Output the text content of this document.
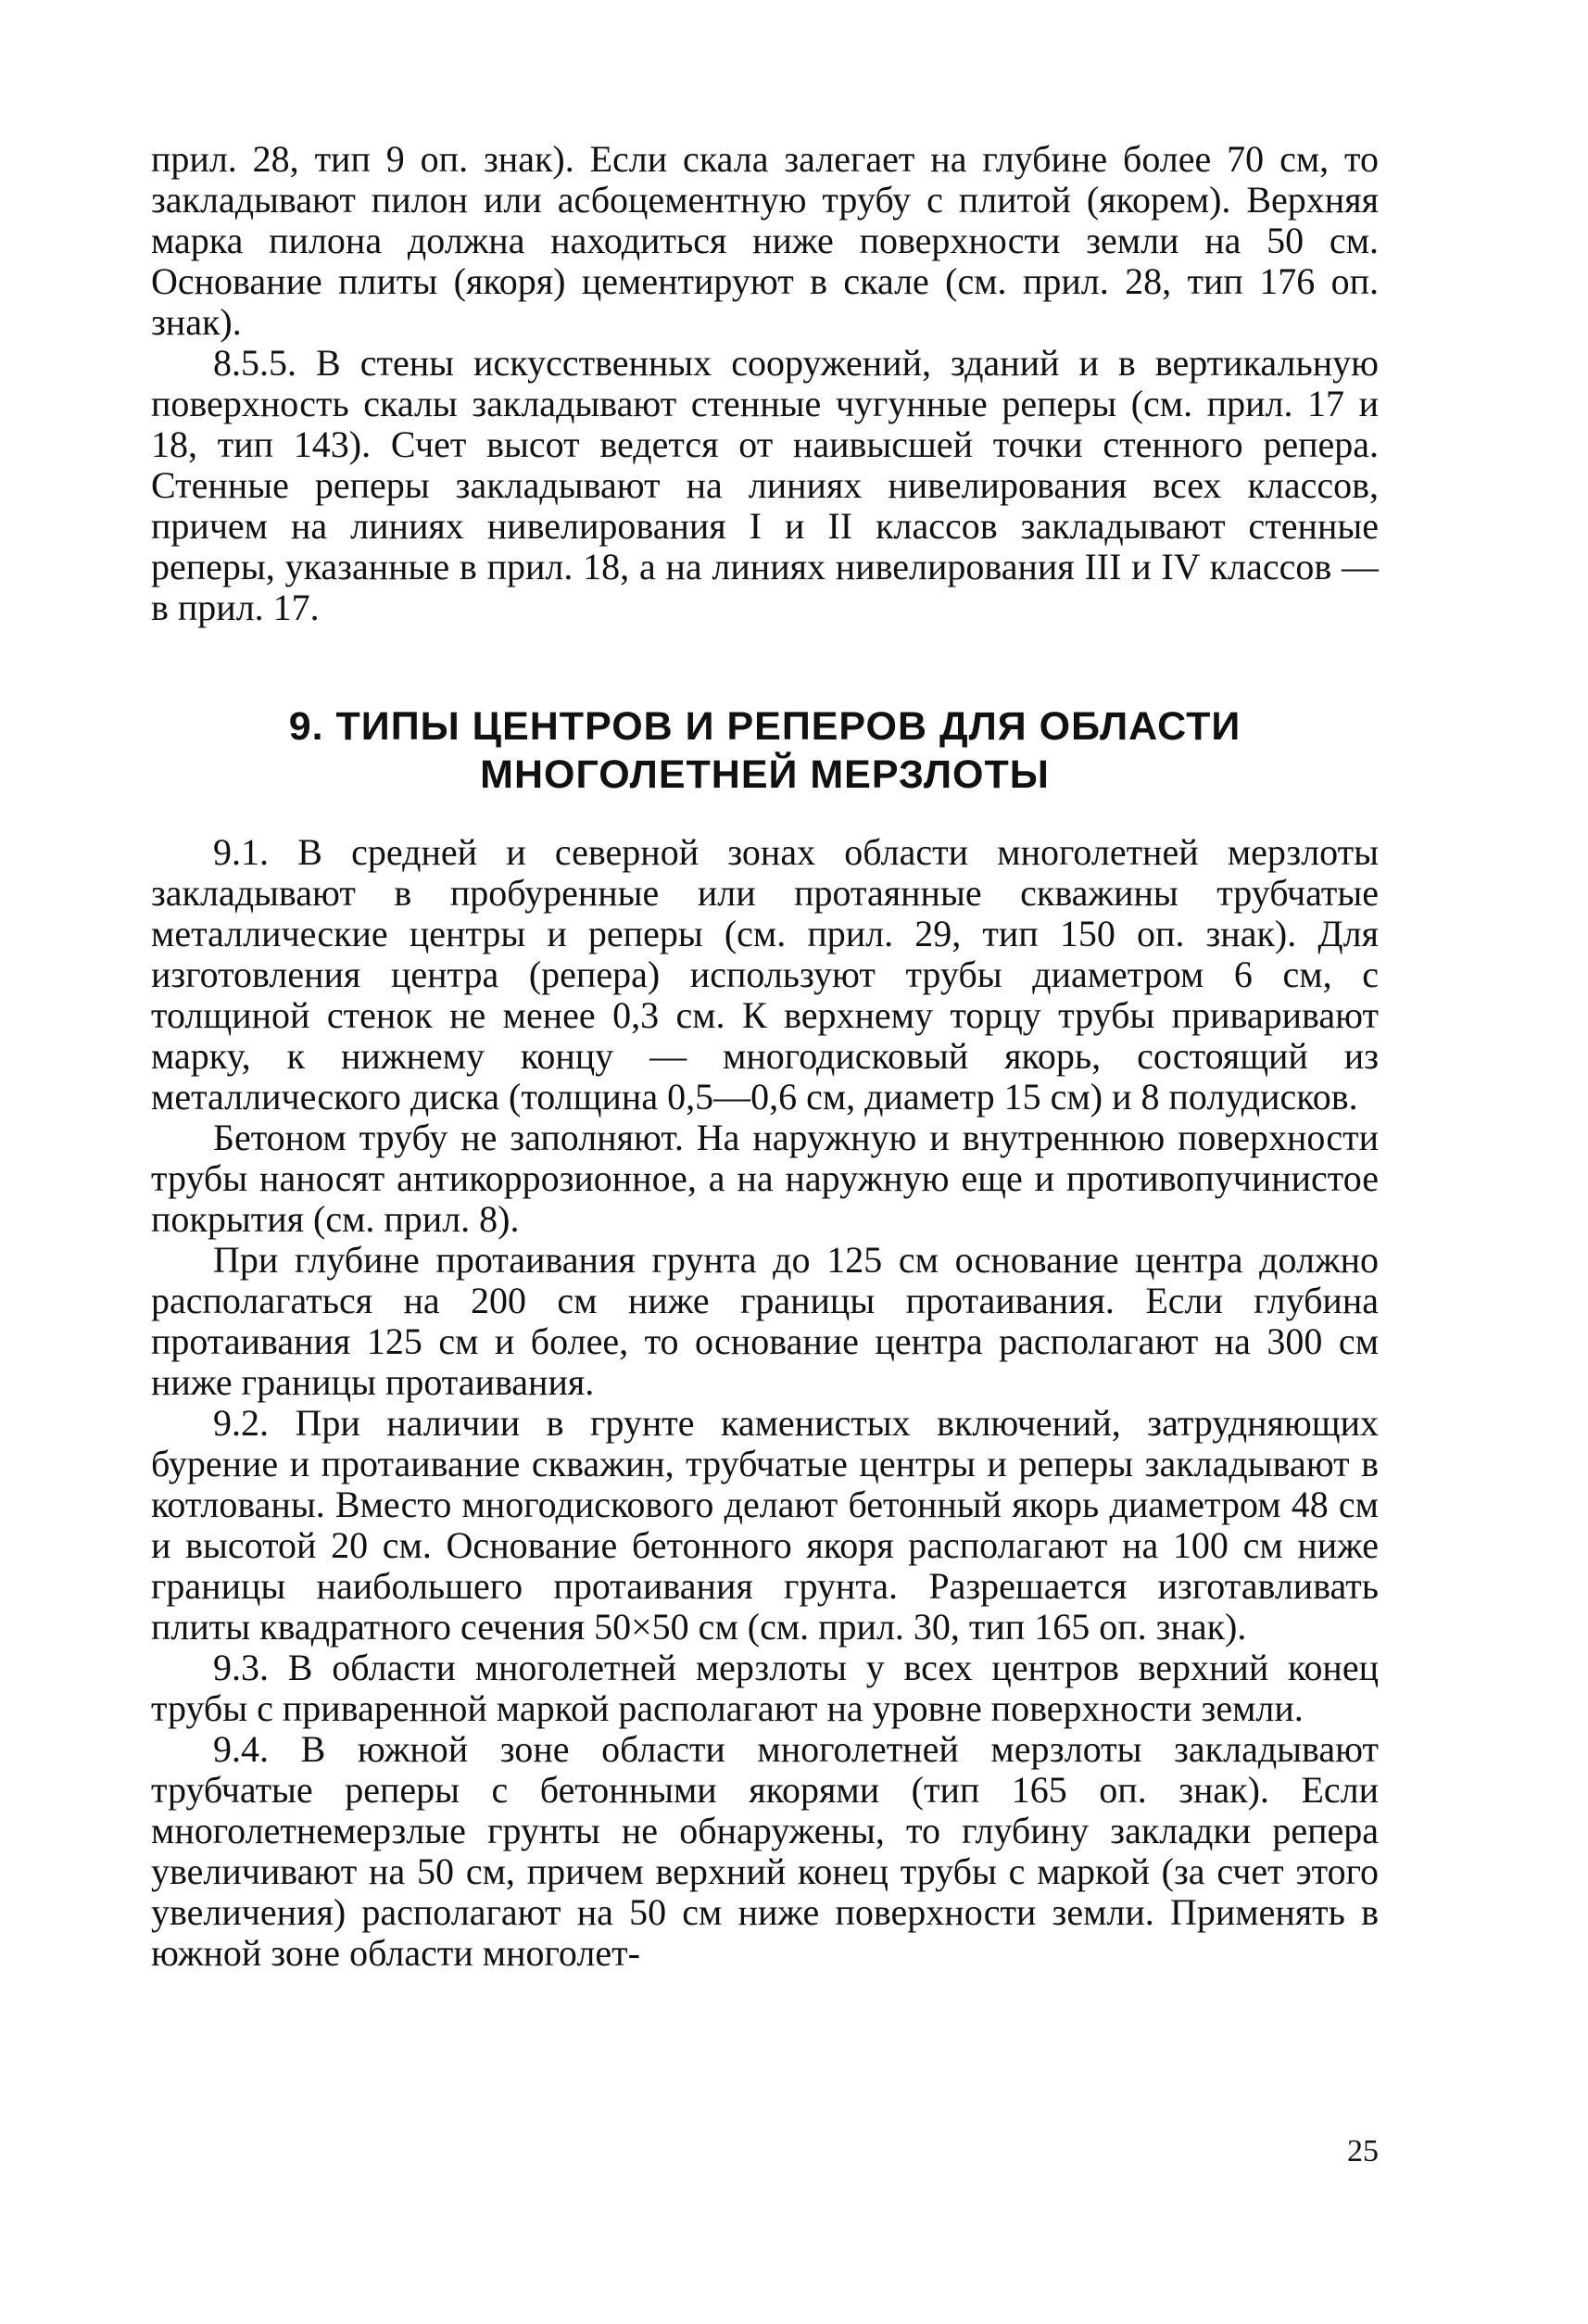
прил. 28, тип 9 оп. знак). Если скала залегает на глубине более 70 см, то закладывают пилон или асбоцементную трубу с плитой (якорем). Верхняя марка пилона должна находиться ниже поверхности земли на 50 см. Основание плиты (якоря) цементируют в скале (см. прил. 28, тип 176 оп. знак).

8.5.5. В стены искусственных сооружений, зданий и в вертикальную поверхность скалы закладывают стенные чугунные реперы (см. прил. 17 и 18, тип 143). Счет высот ведется от наивысшей точки стенного репера. Стенные реперы закладывают на линиях нивелирования всех классов, причем на линиях нивелирования I и II классов закладывают стенные реперы, указанные в прил. 18, а на линиях нивелирования III и IV классов — в прил. 17.

9. ТИПЫ ЦЕНТРОВ И РЕПЕРОВ ДЛЯ ОБЛАСТИ
МНОГОЛЕТНЕЙ МЕРЗЛОТЫ

9.1. В средней и северной зонах области многолетней мерзлоты закладывают в пробуренные или протаянные скважины трубчатые металлические центры и реперы (см. прил. 29, тип 150 оп. знак). Для изготовления центра (репера) используют трубы диаметром 6 см, с толщиной стенок не менее 0,3 см. К верхнему торцу трубы приваривают марку, к нижнему концу — многодисковый якорь, состоящий из металлического диска (толщина 0,5—0,6 см, диаметр 15 см) и 8 полудисков.

Бетоном трубу не заполняют. На наружную и внутреннюю поверхности трубы наносят антикоррозионное, а на наружную еще и противопучинистое покрытия (см. прил. 8).

При глубине протаивания грунта до 125 см основание центра должно располагаться на 200 см ниже границы протаивания. Если глубина протаивания 125 см и более, то основание центра располагают на 300 см ниже границы протаивания.

9.2. При наличии в грунте каменистых включений, затрудняющих бурение и протаивание скважин, трубчатые центры и реперы закладывают в котлованы. Вместо многодискового делают бетонный якорь диаметром 48 см и высотой 20 см. Основание бетонного якоря располагают на 100 см ниже границы наибольшего протаивания грунта. Разрешается изготавливать плиты квадратного сечения 50×50 см (см. прил. 30, тип 165 оп. знак).

9.3. В области многолетней мерзлоты у всех центров верхний конец трубы с приваренной маркой располагают на уровне поверхности земли.

9.4. В южной зоне области многолетней мерзлоты закладывают трубчатые реперы с бетонными якорями (тип 165 оп. знак). Если многолетнемерзлые грунты не обнаружены, то глубину закладки репера увеличивают на 50 см, причем верхний конец трубы с маркой (за счет этого увеличения) располагают на 50 см ниже поверхности земли. Применять в южной зоне области многолет-

25
